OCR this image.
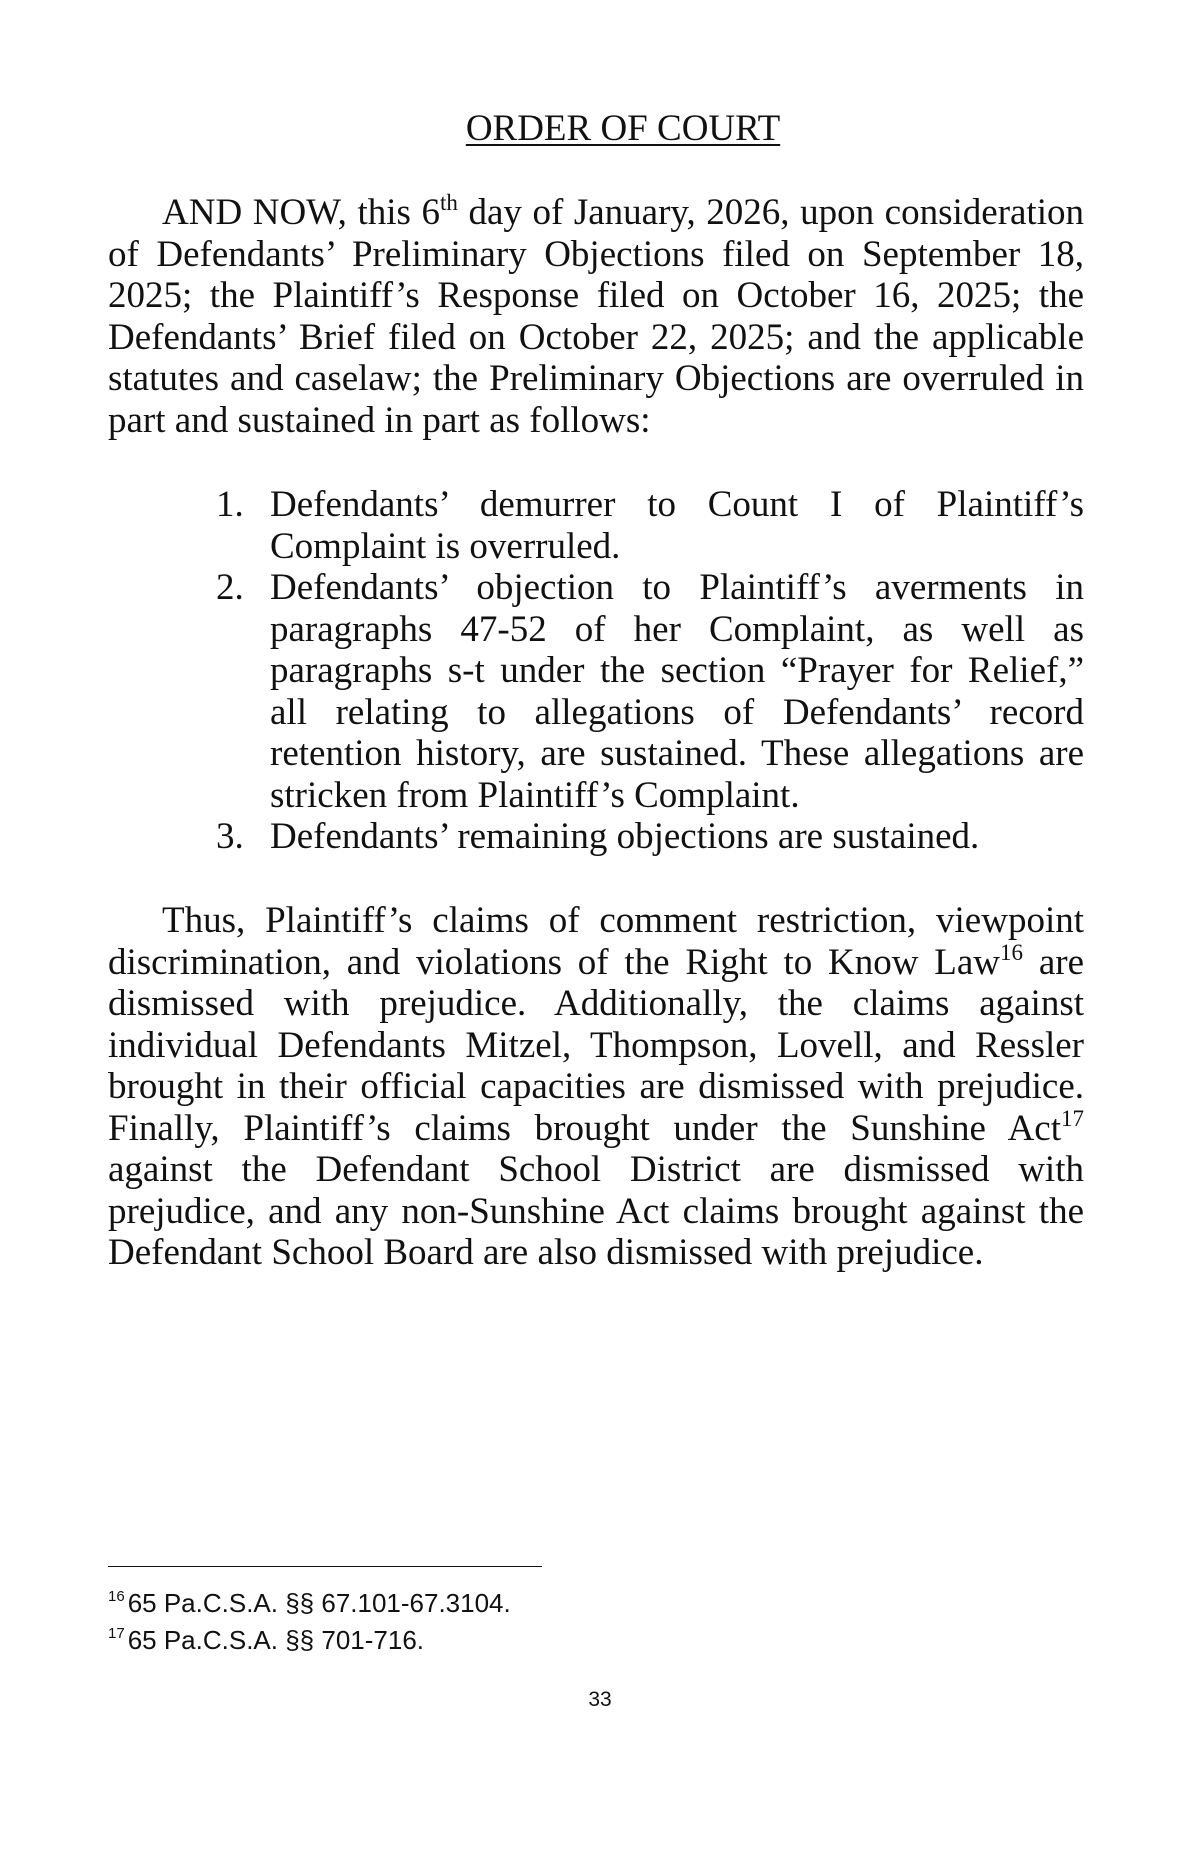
ORDER OF COURT

AND NOW, this 6th day of January, 2026, upon consideration of Defendants’ Preliminary Objections filed on September 18, 2025; the Plaintiff’s Response filed on October 16, 2025; the Defendants’ Brief filed on October 22, 2025; and the applicable statutes and caselaw; the Preliminary Objections are overruled in part and sustained in part as follows:

1. Defendants’ demurrer to Count I of Plaintiff’s Complaint is overruled.
2. Defendants’ objection to Plaintiff’s averments in paragraphs 47-52 of her Complaint, as well as paragraphs s-t under the section “Prayer for Relief,” all relating to allegations of Defendants’ record retention history, are sustained. These allegations are stricken from Plaintiff’s Complaint.
3. Defendants’ remaining objections are sustained.

Thus, Plaintiff’s claims of comment restriction, viewpoint discrimination, and violations of the Right to Know Law$^{16}$ are dismissed with prejudice. Additionally, the claims against individual Defendants Mitzel, Thompson, Lovell, and Ressler brought in their official capacities are dismissed with prejudice. Finally, Plaintiff’s claims brought under the Sunshine Act$^{17}$ against the Defendant School District are dismissed with prejudice, and any non-Sunshine Act claims brought against the Defendant School Board are also dismissed with prejudice.

$^{16}$ 65 Pa.C.S.A. §§ 67.101-67.3104.
$^{17}$ 65 Pa.C.S.A. §§ 701-716.
33
